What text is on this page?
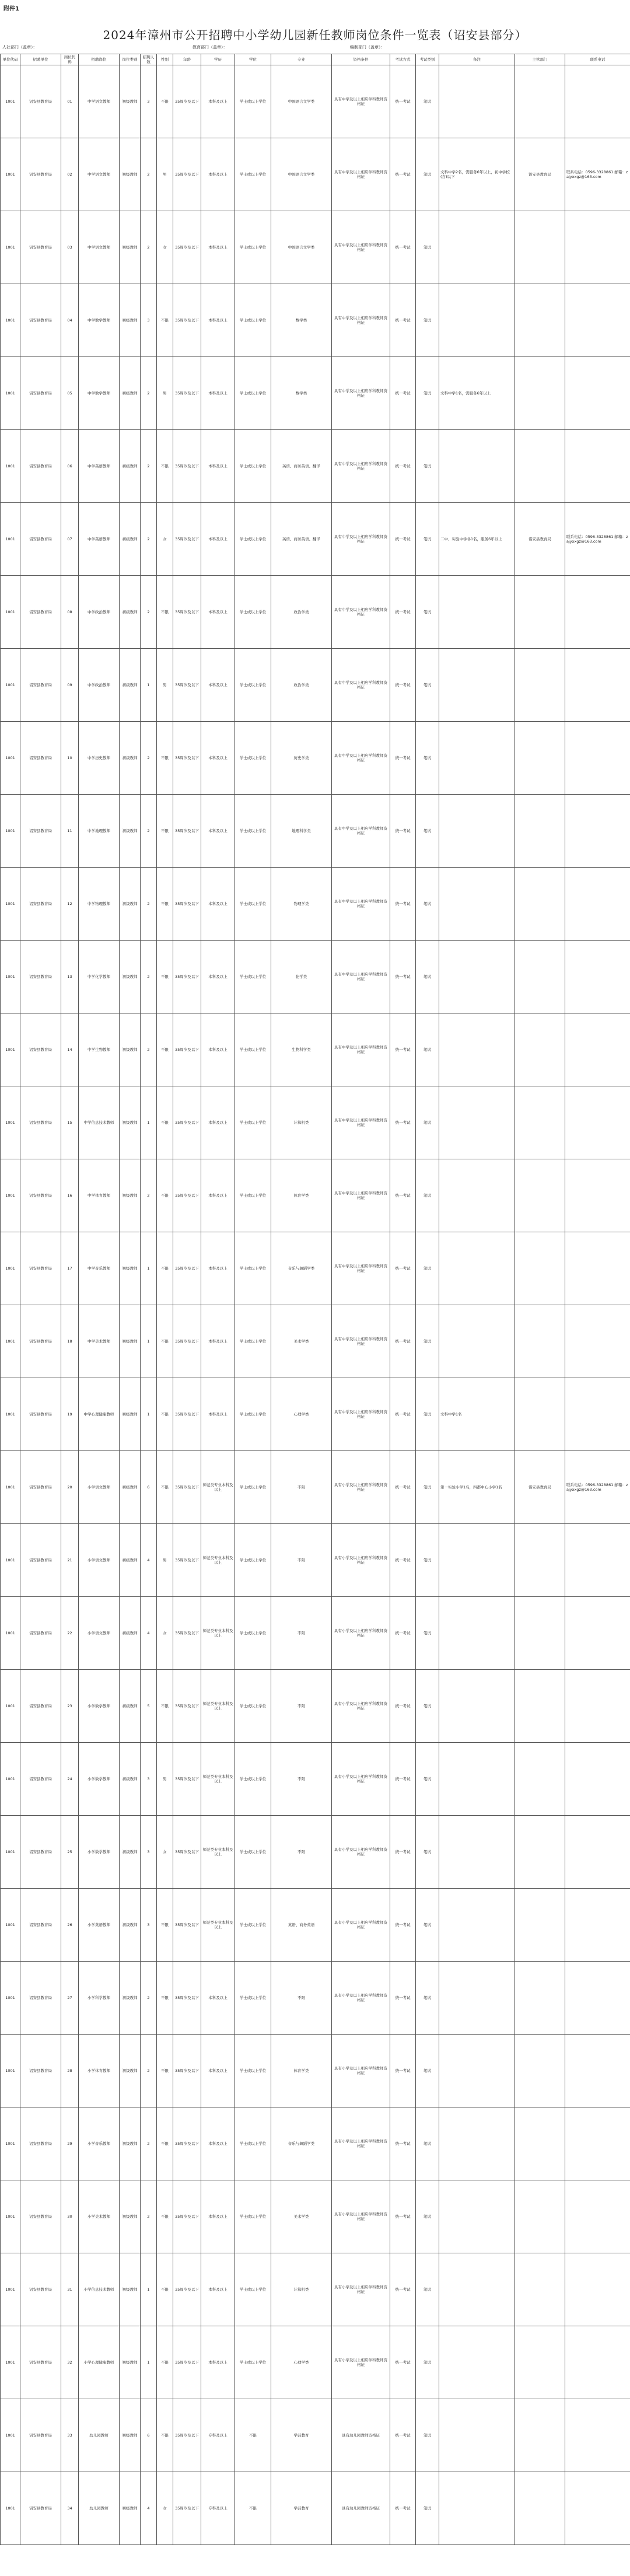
附件1
2024年漳州市公开招聘中小学幼儿园新任教师岗位条件一览表（诏安县部分）
人社部门（盖章）：	教育部门（盖章）：	编制部门（盖章）：
单位代码	招聘单位	岗位代码	招聘岗位	岗位类别	招聘人数	性别	年龄	学历	学位	专业	资格条件	考试方式	考试类别	备注	主管部门	联系电话
1001	诏安县教育局	01	中学语文教师	初级教师	3	不限	35周岁及以下	本科及以上	学士或以上学位	中国语言文学类	具有中学及以上相应学科教师资格证	统一考试	笔试			
1001	诏安县教育局	02	中学语文教师	初级教师	2	男	35周岁及以下	本科及以上	学士或以上学位	中国语言文学类	具有中学及以上相应学科教师资格证	统一考试	笔试	文科中学2名，需服务6年以上，初中学校(含)以下	诏安县教育局	联系电话：0596-3328861 邮箱：zajyxxgz@163.com
1001	诏安县教育局	03	中学语文教师	初级教师	2	女	35周岁及以下	本科及以上	学士或以上学位	中国语言文学类	具有中学及以上相应学科教师资格证	统一考试	笔试			
1001	诏安县教育局	04	中学数学教师	初级教师	3	不限	35周岁及以下	本科及以上	学士或以上学位	数学类	具有中学及以上相应学科教师资格证	统一考试	笔试			
1001	诏安县教育局	05	中学数学教师	初级教师	2	男	35周岁及以下	本科及以上	学士或以上学位	数学类	具有中学及以上相应学科教师资格证	统一考试	笔试	文科中学1名，需服务6年以上		
1001	诏安县教育局	06	中学英语教师	初级教师	2	不限	35周岁及以下	本科及以上	学士或以上学位	英语、商务英语、翻译	具有中学及以上相应学科教师资格证	统一考试	笔试			
1001	诏安县教育局	07	中学英语教师	初级教师	2	女	35周岁及以下	本科及以上	学士或以上学位	英语、商务英语、翻译	具有中学及以上相应学科教师资格证	统一考试	笔试	二中、实验中学各1名，服务6年以上	诏安县教育局	联系电话：0596-3328861 邮箱：zajyxxgz@163.com
1001	诏安县教育局	08	中学政治教师	初级教师	2	不限	35周岁及以下	本科及以上	学士或以上学位	政治学类	具有中学及以上相应学科教师资格证	统一考试	笔试			
1001	诏安县教育局	09	中学政治教师	初级教师	1	男	35周岁及以下	本科及以上	学士或以上学位	政治学类	具有中学及以上相应学科教师资格证	统一考试	笔试			
1001	诏安县教育局	10	中学历史教师	初级教师	2	不限	35周岁及以下	本科及以上	学士或以上学位	历史学类	具有中学及以上相应学科教师资格证	统一考试	笔试			
1001	诏安县教育局	11	中学地理教师	初级教师	2	不限	35周岁及以下	本科及以上	学士或以上学位	地理科学类	具有中学及以上相应学科教师资格证	统一考试	笔试			
1001	诏安县教育局	12	中学物理教师	初级教师	2	不限	35周岁及以下	本科及以上	学士或以上学位	物理学类	具有中学及以上相应学科教师资格证	统一考试	笔试			
1001	诏安县教育局	13	中学化学教师	初级教师	2	不限	35周岁及以下	本科及以上	学士或以上学位	化学类	具有中学及以上相应学科教师资格证	统一考试	笔试			
1001	诏安县教育局	14	中学生物教师	初级教师	2	不限	35周岁及以下	本科及以上	学士或以上学位	生物科学类	具有中学及以上相应学科教师资格证	统一考试	笔试			
1001	诏安县教育局	15	中学信息技术教师	初级教师	1	不限	35周岁及以下	本科及以上	学士或以上学位	计算机类	具有中学及以上相应学科教师资格证	统一考试	笔试			
1001	诏安县教育局	16	中学体育教师	初级教师	2	不限	35周岁及以下	本科及以上	学士或以上学位	体育学类	具有中学及以上相应学科教师资格证	统一考试	笔试			
1001	诏安县教育局	17	中学音乐教师	初级教师	1	不限	35周岁及以下	本科及以上	学士或以上学位	音乐与舞蹈学类	具有中学及以上相应学科教师资格证	统一考试	笔试			
1001	诏安县教育局	18	中学美术教师	初级教师	1	不限	35周岁及以下	本科及以上	学士或以上学位	美术学类	具有中学及以上相应学科教师资格证	统一考试	笔试			
1001	诏安县教育局	19	中学心理健康教师	初级教师	1	不限	35周岁及以下	本科及以上	学士或以上学位	心理学类	具有中学及以上相应学科教师资格证	统一考试	笔试	文科中学1名		
1001	诏安县教育局	20	小学语文教师	初级教师	6	不限	35周岁及以下	师范类专业本科及以上	学士或以上学位	不限	具有小学及以上相应学科教师资格证	统一考试	笔试	第一实验小学1名，四都中心小学1名	诏安县教育局	联系电话：0596-3328861 邮箱：zajyxxgz@163.com
1001	诏安县教育局	21	小学语文教师	初级教师	4	男	35周岁及以下	师范类专业本科及以上	学士或以上学位	不限	具有小学及以上相应学科教师资格证	统一考试	笔试			
1001	诏安县教育局	22	小学语文教师	初级教师	4	女	35周岁及以下	师范类专业本科及以上	学士或以上学位	不限	具有小学及以上相应学科教师资格证	统一考试	笔试			
1001	诏安县教育局	23	小学数学教师	初级教师	5	不限	35周岁及以下	师范类专业本科及以上	学士或以上学位	不限	具有小学及以上相应学科教师资格证	统一考试	笔试			
1001	诏安县教育局	24	小学数学教师	初级教师	3	男	35周岁及以下	师范类专业本科及以上	学士或以上学位	不限	具有小学及以上相应学科教师资格证	统一考试	笔试			
1001	诏安县教育局	25	小学数学教师	初级教师	3	女	35周岁及以下	师范类专业本科及以上	学士或以上学位	不限	具有小学及以上相应学科教师资格证	统一考试	笔试			
1001	诏安县教育局	26	小学英语教师	初级教师	3	不限	35周岁及以下	师范类专业本科及以上	学士或以上学位	英语、商务英语	具有小学及以上相应学科教师资格证	统一考试	笔试			
1001	诏安县教育局	27	小学科学教师	初级教师	2	不限	35周岁及以下	本科及以上	学士或以上学位	不限	具有小学及以上相应学科教师资格证	统一考试	笔试			
1001	诏安县教育局	28	小学体育教师	初级教师	2	不限	35周岁及以下	本科及以上	学士或以上学位	体育学类	具有小学及以上相应学科教师资格证	统一考试	笔试			
1001	诏安县教育局	29	小学音乐教师	初级教师	2	不限	35周岁及以下	本科及以上	学士或以上学位	音乐与舞蹈学类	具有小学及以上相应学科教师资格证	统一考试	笔试			
1001	诏安县教育局	30	小学美术教师	初级教师	2	不限	35周岁及以下	本科及以上	学士或以上学位	美术学类	具有小学及以上相应学科教师资格证	统一考试	笔试			
1001	诏安县教育局	31	小学信息技术教师	初级教师	1	不限	35周岁及以下	本科及以上	学士或以上学位	计算机类	具有小学及以上相应学科教师资格证	统一考试	笔试			
1001	诏安县教育局	32	小学心理健康教师	初级教师	1	不限	35周岁及以下	本科及以上	学士或以上学位	心理学类	具有小学及以上相应学科教师资格证	统一考试	笔试			
1001	诏安县教育局	33	幼儿园教师	初级教师	6	不限	35周岁及以下	专科及以上	不限	学前教育	具有幼儿园教师资格证	统一考试	笔试			
1001	诏安县教育局	34	幼儿园教师	初级教师	4	女	35周岁及以下	专科及以上	不限	学前教育	具有幼儿园教师资格证	统一考试	笔试			
